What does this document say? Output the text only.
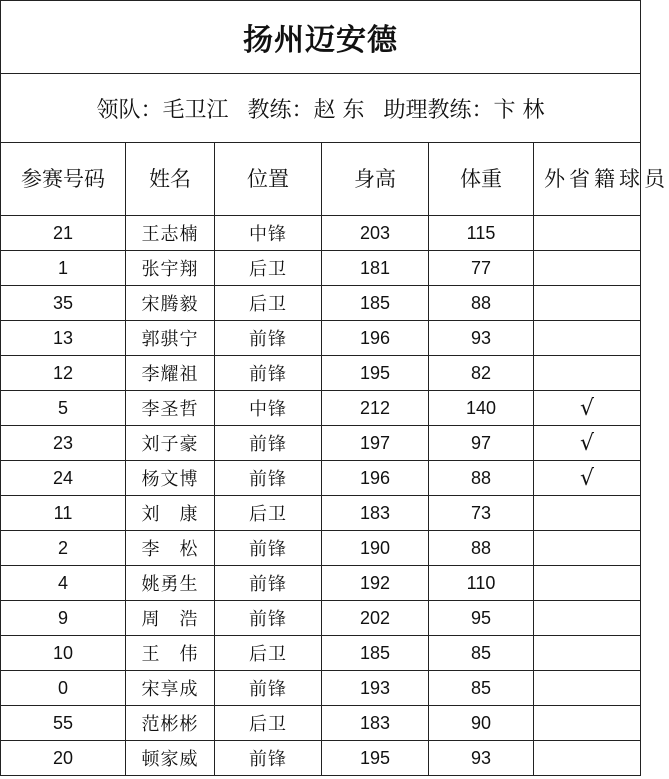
扬州迈安德					
领队：毛卫江 教练：赵 东 助理教练：卞 林					
参赛号码	姓名	位置	身高	体重	外省籍球员
21	王志楠	中锋	203	115	
1	张宇翔	后卫	181	77	
35	宋腾毅	后卫	185	88	
13	郭骐宁	前锋	196	93	
12	李耀祖	前锋	195	82	
5	李圣哲	中锋	212	140	√
23	刘子豪	前锋	197	97	√
24	杨文博	前锋	196	88	√
11	刘　康	后卫	183	73	
2	李　松	前锋	190	88	
4	姚勇生	前锋	192	110	
9	周　浩	前锋	202	95	
10	王　伟	后卫	185	85	
0	宋享成	前锋	193	85	
55	范彬彬	后卫	183	90	
20	顿家威	前锋	195	93	
